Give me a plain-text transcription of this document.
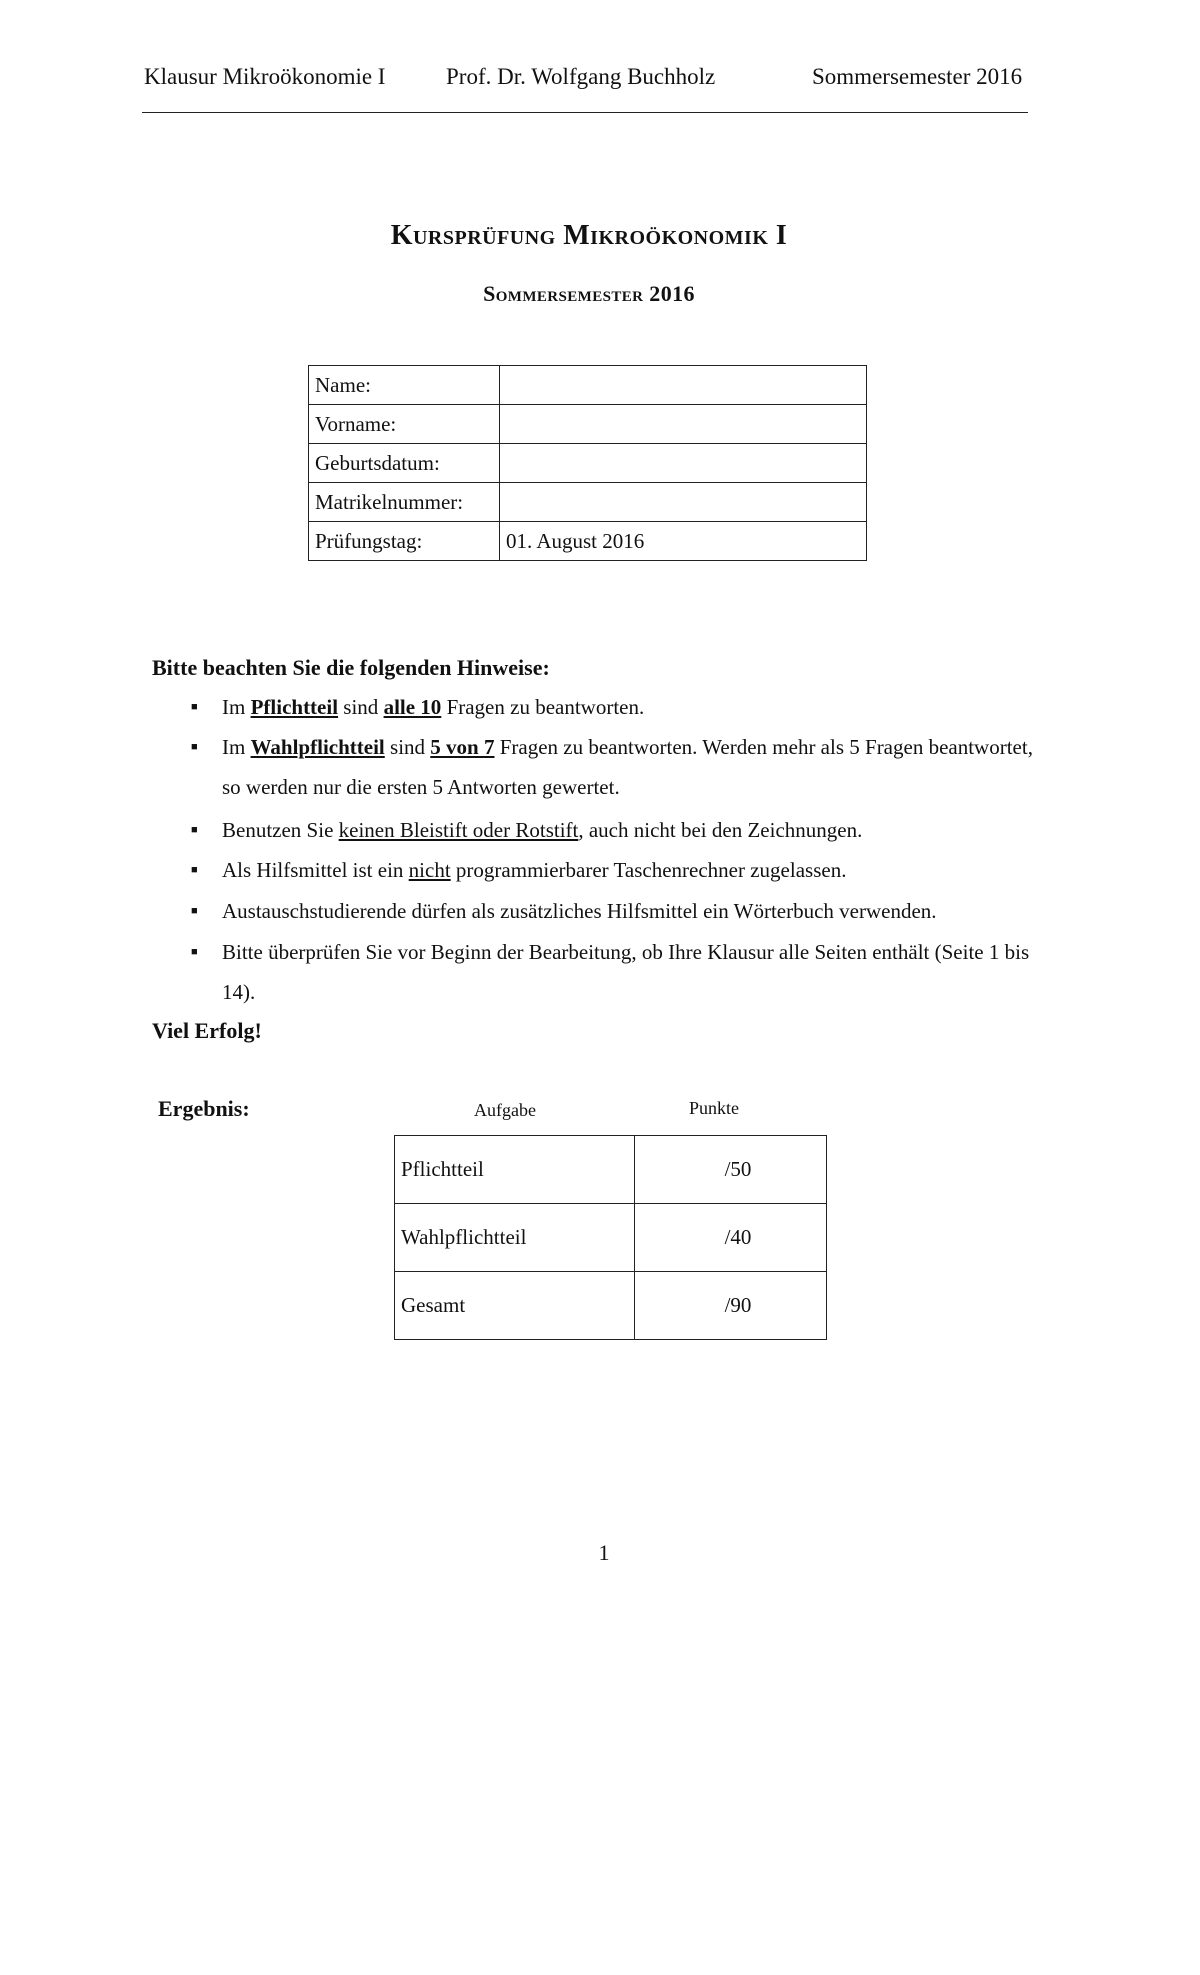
Klausur Mikroökonomie I	Prof. Dr. Wolfgang Buchholz	Sommersemester 2016
Kursprüfung Mikroökonomik I
Sommersemester 2016
Name:	
Vorname:	
Geburtsdatum:	
Matrikelnummer:	
Prüfungstag:	01. August 2016
Bitte beachten Sie die folgenden Hinweise:
■ Im Pflichtteil sind alle 10 Fragen zu beantworten.
■ Im Wahlpflichtteil sind 5 von 7 Fragen zu beantworten. Werden mehr als 5 Fragen beantwortet, so werden nur die ersten 5 Antworten gewertet.
■ Benutzen Sie keinen Bleistift oder Rotstift, auch nicht bei den Zeichnungen.
■ Als Hilfsmittel ist ein nicht programmierbarer Taschenrechner zugelassen.
■ Austauschstudierende dürfen als zusätzliches Hilfsmittel ein Wörterbuch verwenden.
■ Bitte überprüfen Sie vor Beginn der Bearbeitung, ob Ihre Klausur alle Seiten enthält (Seite 1 bis 14).
Viel Erfolg!
Ergebnis:	Aufgabe	Punkte
Pflichtteil	/50
Wahlpflichtteil	/40
Gesamt	/90
1
